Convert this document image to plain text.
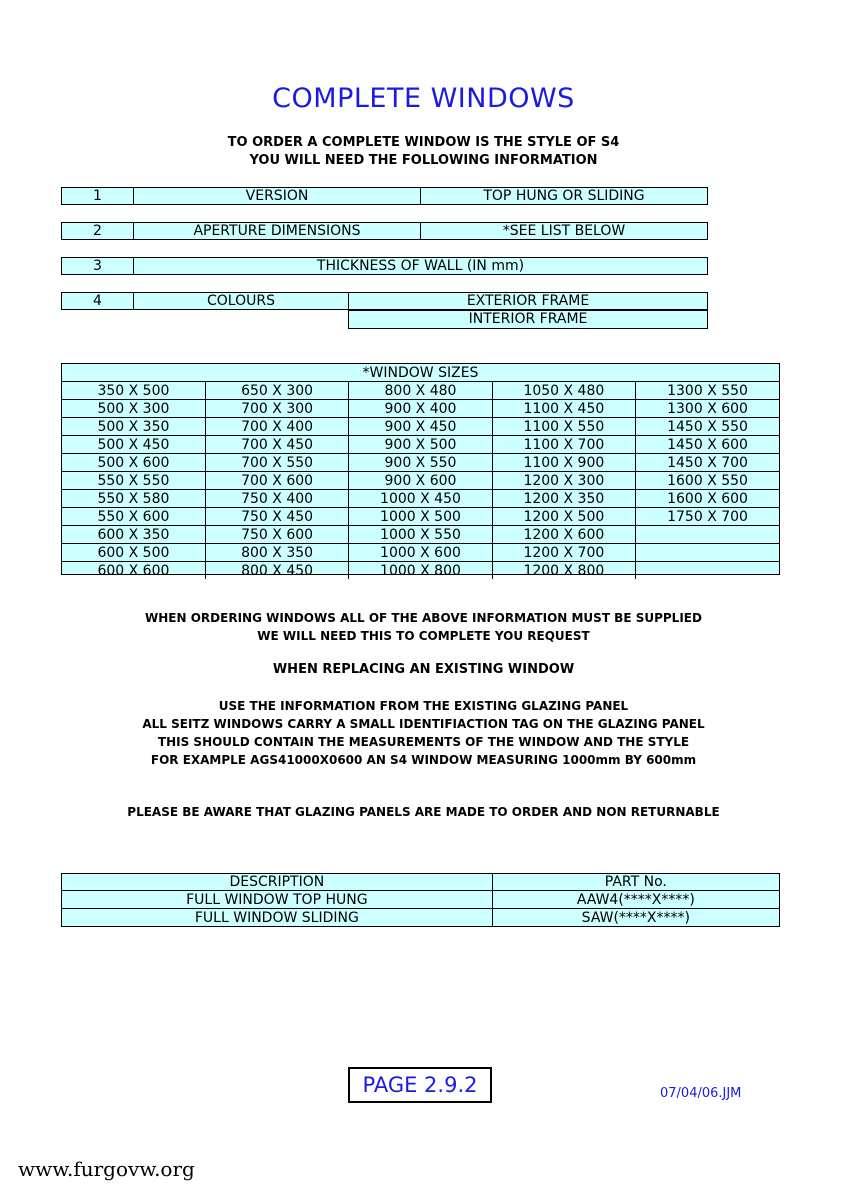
COMPLETE WINDOWS
TO ORDER A COMPLETE WINDOW IS THE STYLE OF S4
YOU WILL NEED THE FOLLOWING INFORMATION
1	VERSION	TOP HUNG OR SLIDING
2	APERTURE DIMENSIONS	*SEE LIST BELOW
3	THICKNESS OF WALL (IN mm)
4	COLOURS	EXTERIOR FRAME
INTERIOR FRAME
*WINDOW SIZES				
350 X 500	650 X 300	800 X 480	1050 X 480	1300 X 550
500 X 300	700 X 300	900 X 400	1100 X 450	1300 X 600
500 X 350	700 X 400	900 X 450	1100 X 550	1450 X 550
500 X 450	700 X 450	900 X 500	1100 X 700	1450 X 600
500 X 600	700 X 550	900 X 550	1100 X 900	1450 X 700
550 X 550	700 X 600	900 X 600	1200 X 300	1600 X 550
550 X 580	750 X 400	1000 X 450	1200 X 350	1600 X 600
550 X 600	750 X 450	1000 X 500	1200 X 500	1750 X 700
600 X 350	750 X 600	1000 X 550	1200 X 600	
600 X 500	800 X 350	1000 X 600	1200 X 700	
600 X 600	800 X 450	1000 X 800	1200 X 800	
WHEN ORDERING WINDOWS ALL OF THE ABOVE INFORMATION MUST BE SUPPLIED
WE WILL NEED THIS TO COMPLETE YOU REQUEST
WHEN REPLACING AN EXISTING WINDOW
USE THE INFORMATION FROM THE EXISTING GLAZING PANEL
ALL SEITZ WINDOWS CARRY A SMALL IDENTIFIACTION TAG ON THE GLAZING PANEL
THIS SHOULD CONTAIN THE MEASUREMENTS OF THE WINDOW AND THE STYLE
FOR EXAMPLE AGS41000X0600 AN S4 WINDOW MEASURING 1000mm BY 600mm
PLEASE BE AWARE THAT GLAZING PANELS ARE MADE TO ORDER AND NON RETURNABLE
DESCRIPTION	PART No.
FULL WINDOW TOP HUNG	AAW4(****X****)
FULL WINDOW SLIDING	SAW(****X****)
PAGE 2.9.2	07/04/06.JJM
www.furgovw.org
